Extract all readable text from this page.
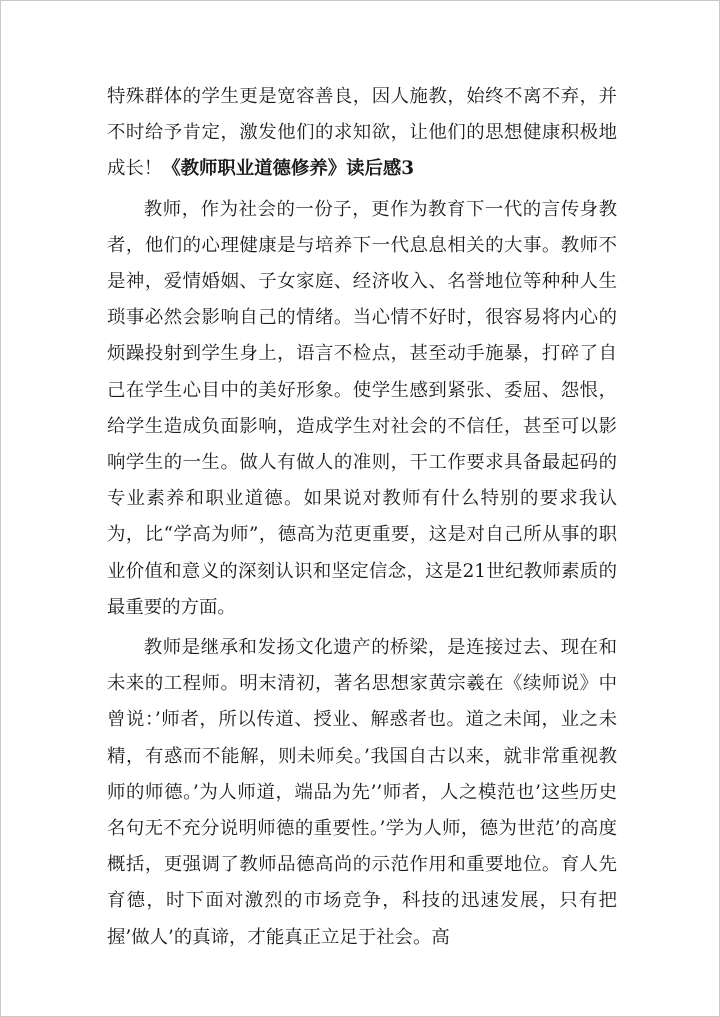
特殊群体的学生更是宽容善良，因人施教，始终不离不弃，并不时给予肯定，激发他们的求知欲，让他们的思想健康积极地成长！《教师职业道德修养》读后感3

教师，作为社会的一份子，更作为教育下一代的言传身教者，他们的心理健康是与培养下一代息息相关的大事。教师不是神，爱情婚姻、子女家庭、经济收入、名誉地位等种种人生琐事必然会影响自己的情绪。当心情不好时，很容易将内心的烦躁投射到学生身上，语言不检点，甚至动手施暴，打碎了自己在学生心目中的美好形象。使学生感到紧张、委屈、怨恨，给学生造成负面影响，造成学生对社会的不信任，甚至可以影响学生的一生。做人有做人的准则，干工作要求具备最起码的专业素养和职业道德。如果说对教师有什么特别的要求我认为，比“学高为师”，德高为范更重要，这是对自己所从事的职业价值和意义的深刻认识和坚定信念，这是21世纪教师素质的最重要的方面。

教师是继承和发扬文化遗产的桥梁，是连接过去、现在和未来的工程师。明末清初，著名思想家黄宗羲在《续师说》中曾说：’师者，所以传道、授业、解惑者也。道之未闻，业之未精，有惑而不能解，则未师矣。’我国自古以来，就非常重视教师的师德。’为人师道，端品为先’’师者，人之模范也’这些历史名句无不充分说明师德的重要性。’学为人师，德为世范’的高度概括，更强调了教师品德高尚的示范作用和重要地位。育人先育德，时下面对激烈的市场竞争，科技的迅速发展，只有把握’做人’的真谛，才能真正立足于社会。高
